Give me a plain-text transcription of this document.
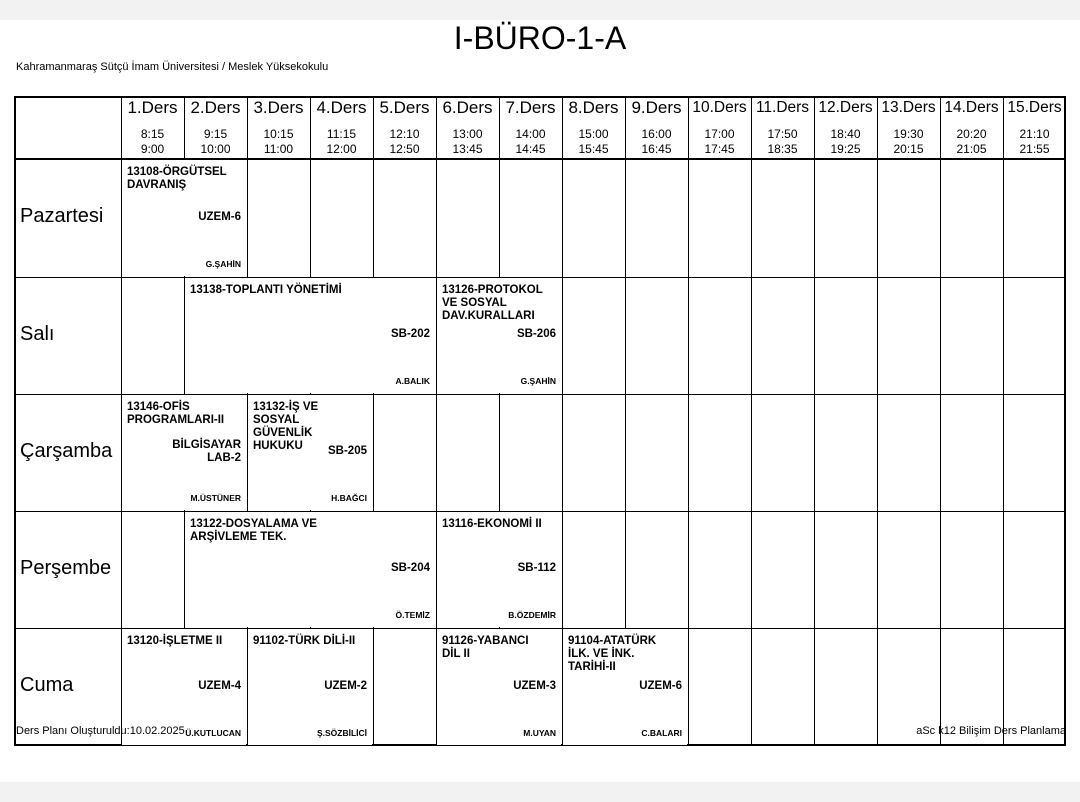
I-BÜRO-1-A
Kahramanmaraş Sütçü İmam Üniversitesi / Meslek Yüksekokulu
1.Ders
8:15
9:00
2.Ders
9:15
10:00
3.Ders
10:15
11:00
4.Ders
11:15
12:00
5.Ders
12:10
12:50
6.Ders
13:00
13:45
7.Ders
14:00
14:45
8.Ders
15:00
15:45
9.Ders
16:00
16:45
10.Ders
17:00
17:45
11.Ders
17:50
18:35
12.Ders
18:40
19:25
13.Ders
19:30
20:15
14.Ders
20:20
21:05
15.Ders
21:10
21:55
Pazartesi
Salı
Çarşamba
Perşembe
Cuma
13108-ÖRGÜTSEL
DAVRANIŞ
UZEM-6
G.ŞAHİN
13138-TOPLANTI YÖNETİMİ
SB-202
A.BALIK
13126-PROTOKOL
VE SOSYAL
DAV.KURALLARI
SB-206
G.ŞAHİN
13146-OFİS
PROGRAMLARI-II
BİLGİSAYAR
LAB-2
M.ÜSTÜNER
13132-İŞ VE
SOSYAL
GÜVENLİK
HUKUKU	SB-205
H.BAĞCI
13122-DOSYALAMA VE
ARŞİVLEME TEK.
SB-204
Ö.TEMİZ
13116-EKONOMİ II
SB-112
B.ÖZDEMİR
13120-İŞLETME II
UZEM-4
Ü.KUTLUCAN
91102-TÜRK DİLİ-II
UZEM-2
Ş.SÖZBİLİCİ
91126-YABANCI
DİL II
UZEM-3
M.UYAN
91104-ATATÜRK
İLK. VE İNK.
TARİHİ-II
UZEM-6
C.BALARI
Ders Planı Oluşturuldu:10.02.2025	aSc k12 Bilişim Ders Planlama
